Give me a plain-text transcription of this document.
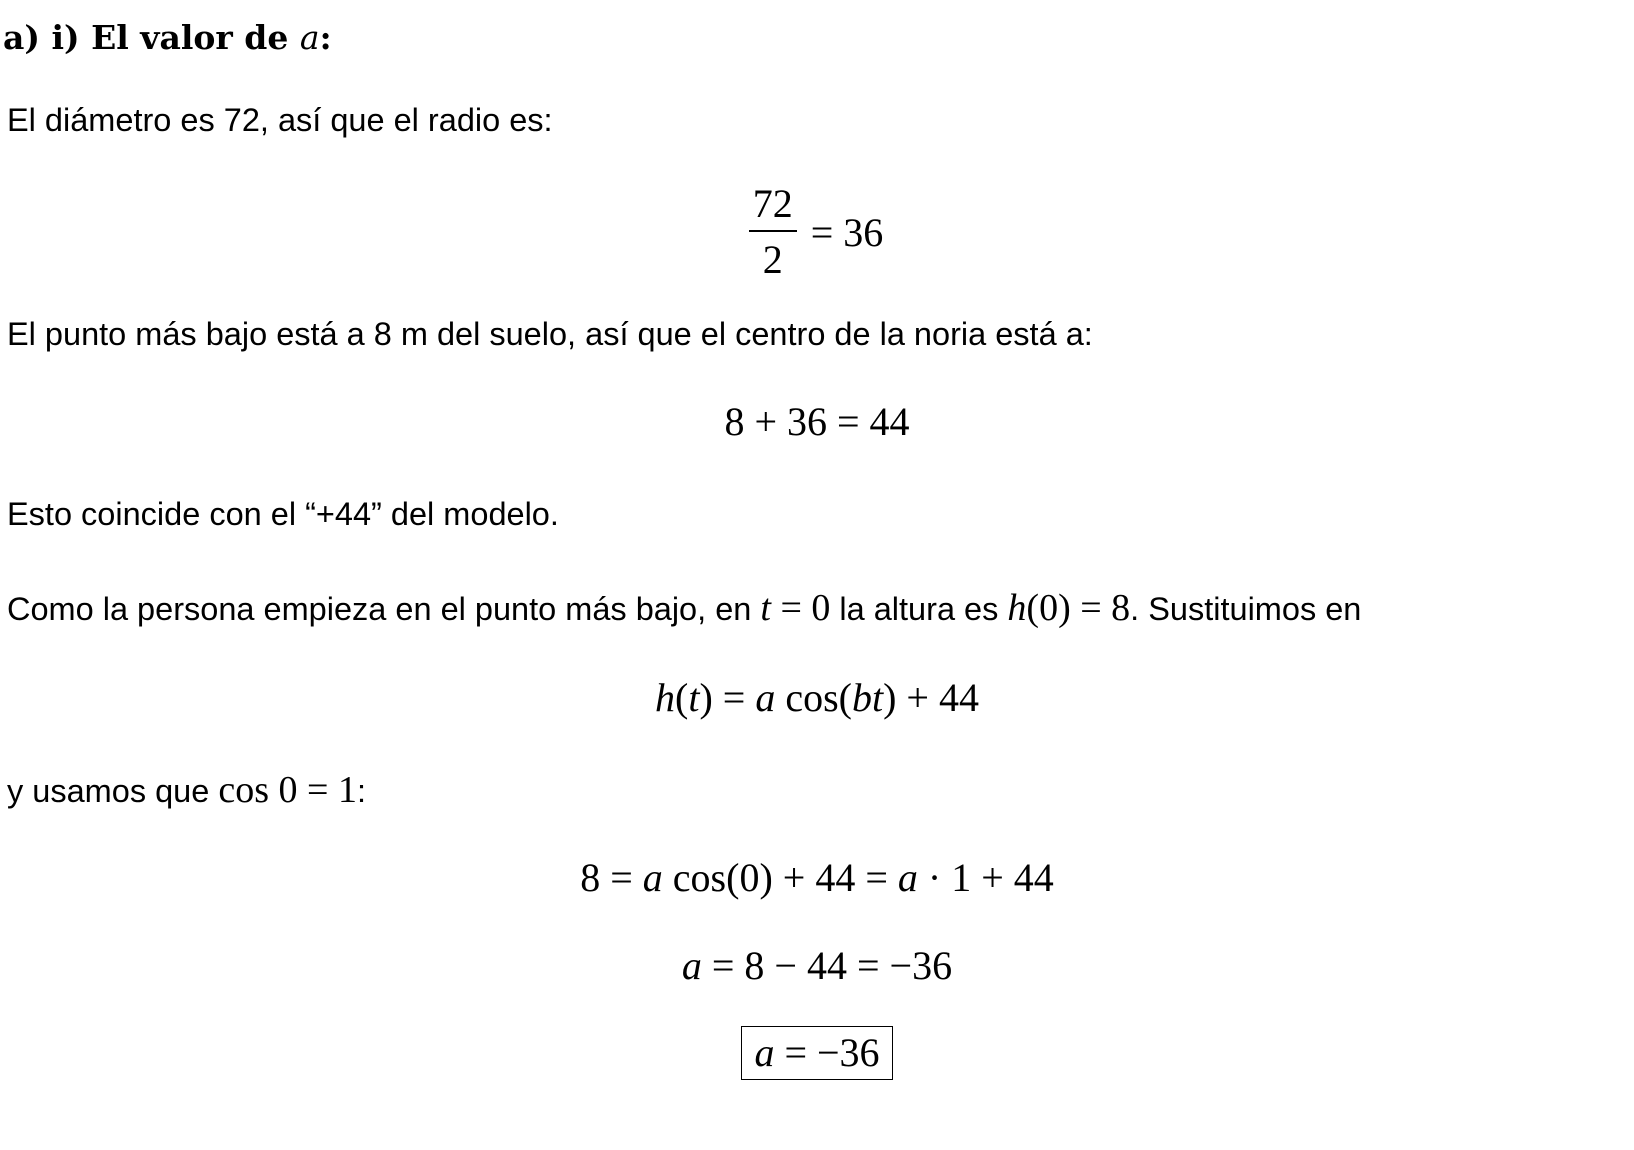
a) i) El valor de a:
El diámetro es 72, así que el radio es:
$\frac{72}{2} = 36$
El punto más bajo está a 8 m del suelo, así que el centro de la noria está a:
8 + 36 = 44
Esto coincide con el “+44” del modelo.
Como la persona empieza en el punto más bajo, en t = 0 la altura es h(0) = 8. Sustituimos en
h(t) = a cos(bt) + 44
y usamos que cos 0 = 1:
8 = a cos(0) + 44 = a · 1 + 44
a = 8 − 44 = −36
a = −36
